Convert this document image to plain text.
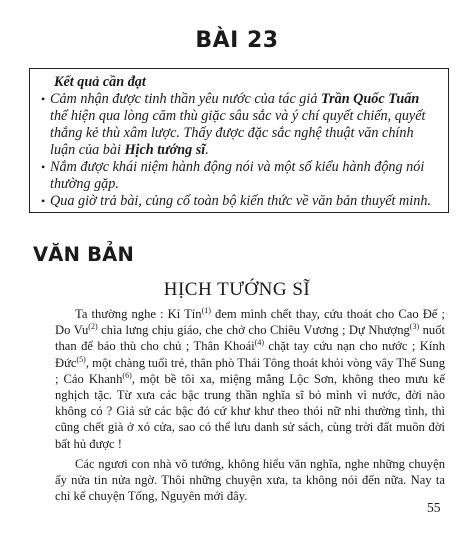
BÀI 23

Kết quả cần đạt

• Cảm nhận được tinh thần yêu nước của tác giả Trần Quốc Tuấn thể hiện qua lòng căm thù giặc sâu sắc và ý chí quyết chiến, quyết thắng kẻ thù xâm lược. Thấy được đặc sắc nghệ thuật văn chính luận của bài Hịch tướng sĩ.

• Nắm được khái niệm hành động nói và một số kiểu hành động nói thường gặp.

• Qua giờ trả bài, củng cố toàn bộ kiến thức về văn bản thuyết minh.

VĂN BẢN
HỊCH TƯỚNG SĨ

Ta thường nghe : Kỉ Tín$^{(1)}$ đem mình chết thay, cứu thoát cho Cao Đế ; Do Vu$^{(2)}$ chìa lưng chịu giáo, che chở cho Chiêu Vương ; Dự Nhượng$^{(3)}$ nuốt than để báo thù cho chủ ; Thân Khoái$^{(4)}$ chặt tay cứu nạn cho nước ; Kính Đức$^{(5)}$, một chàng tuổi trẻ, thân phò Thái Tông thoát khỏi vòng vây Thế Sung ; Cảo Khanh$^{(6)}$, một bề tôi xa, miệng mắng Lộc Sơn, không theo mưu kế nghịch tặc. Từ xưa các bậc trung thần nghĩa sĩ bỏ mình vì nước, đời nào không có ? Giả sử các bậc đó cứ khư khư theo thói nữ nhi thường tình, thì cũng chết già ở xó cửa, sao có thể lưu danh sử sách, cùng trời đất muôn đời bất hủ được !

Các ngươi con nhà võ tướng, không hiểu văn nghĩa, nghe những chuyện ấy nửa tin nửa ngờ. Thôi những chuyện xưa, ta không nói đến nữa. Nay ta chỉ kể chuyện Tống, Nguyên mới đây.

55
